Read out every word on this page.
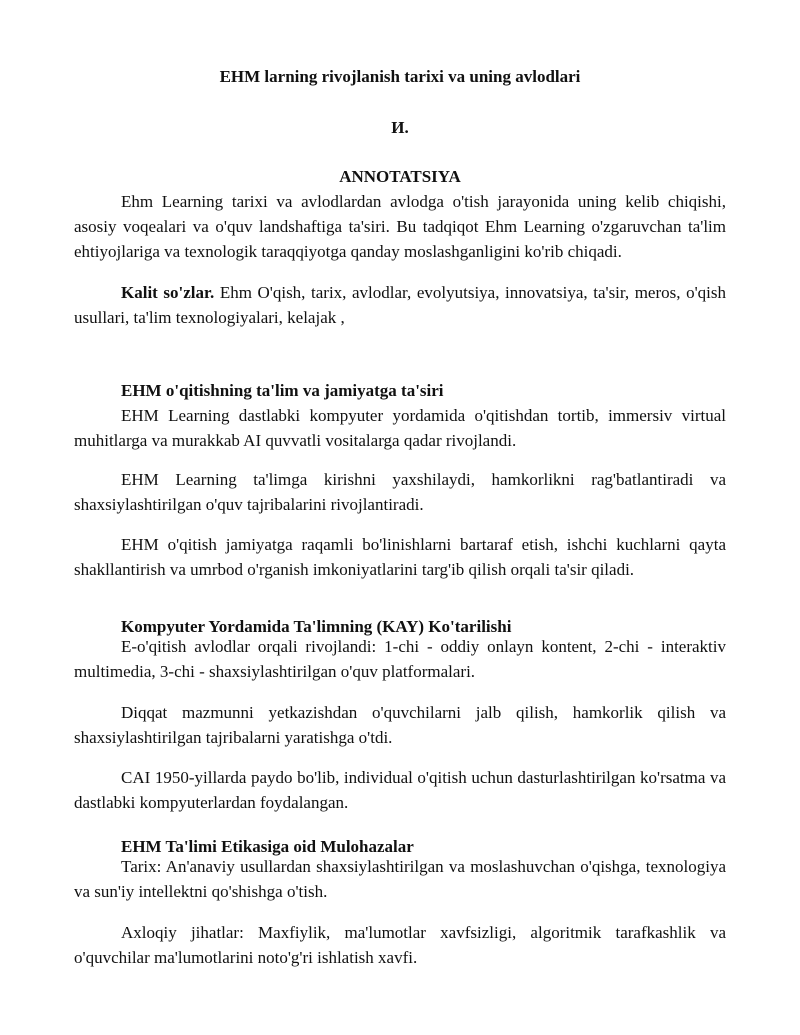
EHM larning rivojlanish tarixi va uning avlodlari
И.
ANNOTATSIYA
Ehm Learning tarixi va avlodlardan avlodga o'tish jarayonida uning kelib chiqishi, asosiy voqealari va o'quv landshaftiga ta'siri. Bu tadqiqot Ehm Learning o'zgaruvchan ta'lim ehtiyojlariga va texnologik taraqqiyotga qanday moslashganligini ko'rib chiqadi.
Kalit so'zlar. Ehm O'qish, tarix, avlodlar, evolyutsiya, innovatsiya, ta'sir, meros, o'qish usullari, ta'lim texnologiyalari, kelajak ,
EHM o'qitishning ta'lim va jamiyatga ta'siri
EHM Learning dastlabki kompyuter yordamida o'qitishdan tortib, immersiv virtual muhitlarga va murakkab AI quvvatli vositalarga qadar rivojlandi.
EHM Learning ta'limga kirishni yaxshilaydi, hamkorlikni rag'batlantiradi va shaxsiylashtirilgan o'quv tajribalarini rivojlantiradi.
EHM o'qitish jamiyatga raqamli bo'linishlarni bartaraf etish, ishchi kuchlarni qayta shakllantirish va umrbod o'rganish imkoniyatlarini targ'ib qilish orqali ta'sir qiladi.
Kompyuter Yordamida Ta'limning (KAY) Ko'tarilishi
E-o'qitish avlodlar orqali rivojlandi: 1-chi - oddiy onlayn kontent, 2-chi - interaktiv multimedia, 3-chi - shaxsiylashtirilgan o'quv platformalari.
Diqqat mazmunni yetkazishdan o'quvchilarni jalb qilish, hamkorlik qilish va shaxsiylashtirilgan tajribalarni yaratishga o'tdi.
CAI 1950-yillarda paydo bo'lib, individual o'qitish uchun dasturlashtirilgan ko'rsatma va dastlabki kompyuterlardan foydalangan.
EHM Ta'limi Etikasiga oid Mulohazalar
Tarix: An'anaviy usullardan shaxsiylashtirilgan va moslashuvchan o'qishga, texnologiya va sun'iy intellektni qo'shishga o'tish.
Axloqiy jihatlar: Maxfiylik, ma'lumotlar xavfsizligi, algoritmik tarafkashlik va o'quvchilar ma'lumotlarini noto'g'ri ishlatish xavfi.
